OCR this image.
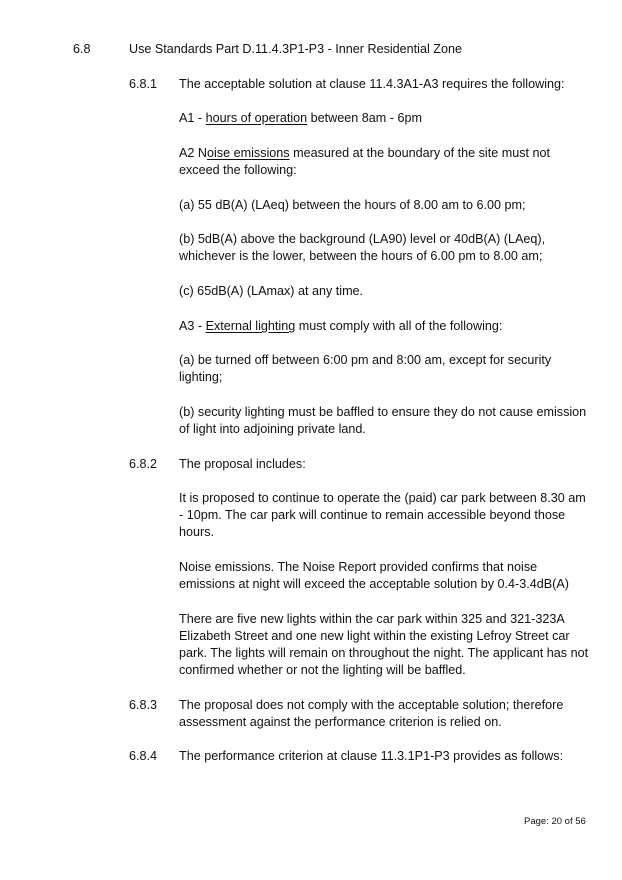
6.8	Use Standards Part D.11.4.3P1-P3 - Inner Residential Zone
6.8.1 The acceptable solution at clause 11.4.3A1-A3 requires the following:
A1 - hours of operation between 8am - 6pm
A2 Noise emissions measured at the boundary of the site must not
exceed the following:
(a) 55 dB(A) (LAeq) between the hours of 8.00 am to 6.00 pm;
(b) 5dB(A) above the background (LA90) level or 40dB(A) (LAeq),
whichever is the lower, between the hours of 6.00 pm to 8.00 am;
(c) 65dB(A) (LAmax) at any time.
A3 - External lighting must comply with all of the following:
(a) be turned off between 6:00 pm and 8:00 am, except for security
lighting;
(b) security lighting must be baffled to ensure they do not cause emission
of light into adjoining private land.
6.8.2 The proposal includes:
It is proposed to continue to operate the (paid) car park between 8.30 am
- 10pm. The car park will continue to remain accessible beyond those
hours.
Noise emissions. The Noise Report provided confirms that noise
emissions at night will exceed the acceptable solution by 0.4-3.4dB(A)
There are five new lights within the car park within 325 and 321-323A
Elizabeth Street and one new light within the existing Lefroy Street car
park. The lights will remain on throughout the night. The applicant has not
confirmed whether or not the lighting will be baffled.
6.8.3 The proposal does not comply with the acceptable solution; therefore
assessment against the performance criterion is relied on.
6.8.4 The performance criterion at clause 11.3.1P1-P3 provides as follows:
Page: 20 of 56
